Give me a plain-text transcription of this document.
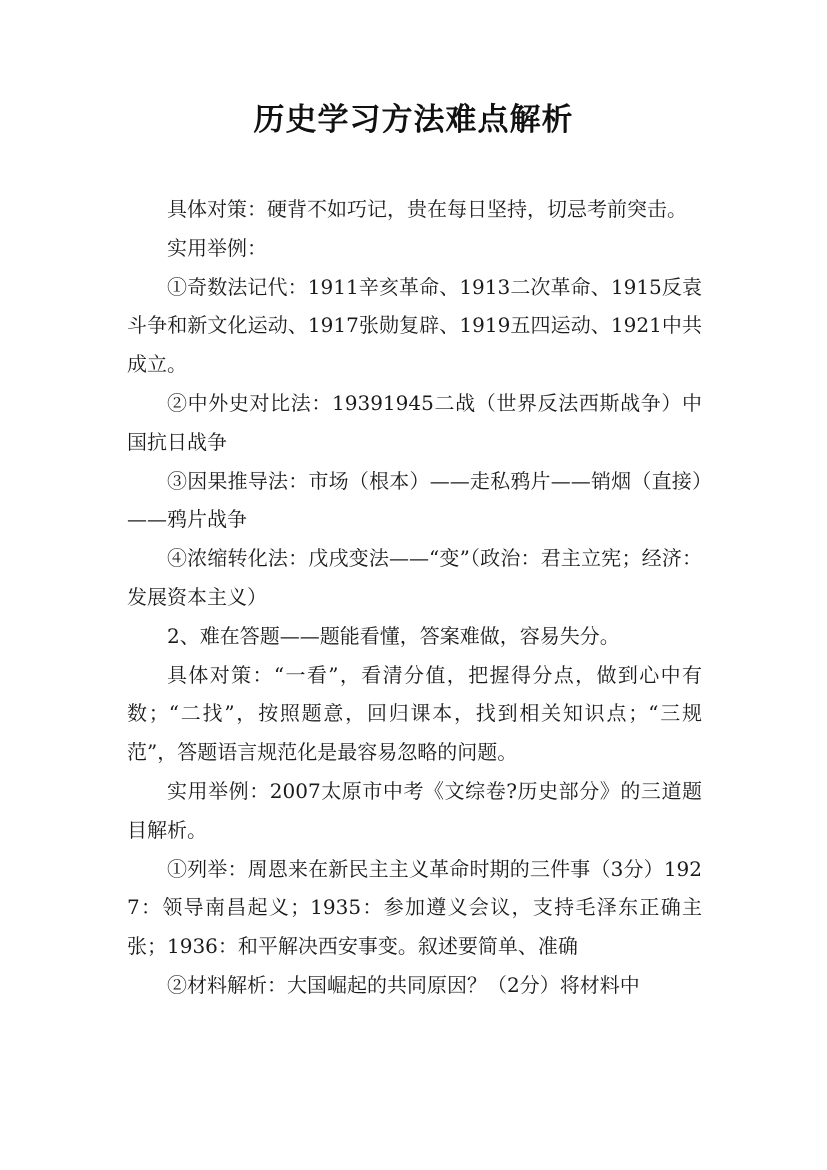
历史学习方法难点解析

具体对策：硬背不如巧记，贵在每日坚持，切忌考前突击。

实用举例：

①奇数法记代：1911辛亥革命、1913二次革命、1915反袁斗争和新文化运动、1917张勋复辟、1919五四运动、1921中共成立。

②中外史对比法：19391945二战（世界反法西斯战争）中国抗日战争

③因果推导法：市场（根本）——走私鸦片——销烟（直接）——鸦片战争

④浓缩转化法：戊戌变法——“变”（政治：君主立宪；经济：发展资本主义）

2、难在答题——题能看懂，答案难做，容易失分。

具体对策：“一看”，看清分值，把握得分点，做到心中有数；“二找”，按照题意，回归课本，找到相关知识点；“三规范”，答题语言规范化是最容易忽略的问题。

实用举例：2007太原市中考《文综卷?历史部分》的三道题目解析。

①列举：周恩来在新民主主义革命时期的三件事（3分）1927：领导南昌起义；1935：参加遵义会议，支持毛泽东正确主张；1936：和平解决西安事变。叙述要简单、准确

②材料解析：大国崛起的共同原因？（2分）将材料中
